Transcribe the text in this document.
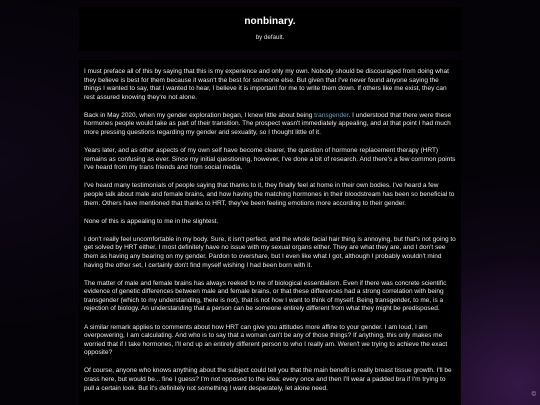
nonbinary.
by default.

I must preface all of this by saying that this is my experience and only my own. Nobody should be discouraged from doing what they believe is best for them because it wasn't the best for someone else. But given that I've never found anyone saying the things I wanted to say, that I wanted to hear, I believe it is important for me to write them down. If others like me exist, they can rest assured knowing they're not alone.

Back in May 2020, when my gender exploration began, I knew little about being transgender. I understood that there were these hormones people would take as part of their transition. The prospect wasn't immediately appealing, and at that point I had much more pressing questions regarding my gender and sexuality, so I thought little of it.

Years later, and as other aspects of my own self have become clearer, the question of hormone replacement therapy (HRT) remains as confusing as ever. Since my initial questioning, however, I've done a bit of research. And there's a few common points I've heard from my trans friends and from social media.

I've heard many testimonials of people saying that thanks to it, they finally feel at home in their own bodies. I've heard a few people talk about male and female brains, and how having the matching hormones in their bloodstream has been so beneficial to them. Others have mentioned that thanks to HRT, they've been feeling emotions more according to their gender.

None of this is appealing to me in the slightest.

I don't really feel uncomfortable in my body. Sure, it isn't perfect, and the whole facial hair thing is annoying, but that's not going to get solved by HRT either. I most definitely have no issue with my sexual organs either. They are what they are, and I don't see them as having any bearing on my gender. Pardon to overshare, but I even like what I got, although I probably wouldn't mind having the other set, I certainly don't find myself wishing I had been born with it.

The matter of male and female brains has always reeked to me of biological essentialism. Even if there was concrete scientific evidence of genetic differences between male and female brains, or that these differences had a strong correlation with being transgender (which to my understanding, there is not), that is not how I want to think of myself. Being transgender, to me, is a rejection of biology. An understanding that a person can be someone entirely different from what they might be predisposed.

A similar remark applies to comments about how HRT can give you attitudes more affine to your gender. I am loud, I am overpowering, I am calculating. And who is to say that a woman can't be any of those things? If anything, this only makes me worried that if I take hormones, I'll end up an entirely different person to who I really am. Weren't we trying to achieve the exact opposite?

Of course, anyone who knows anything about the subject could tell you that the main benefit is really breast tissue growth. I'll be crass here, but would be... fine I guess? I'm not opposed to the idea: every once and then I'll wear a padded bra if I'm trying to pull a certain look. But it's definitely not something I want desperately, let alone need.

©
